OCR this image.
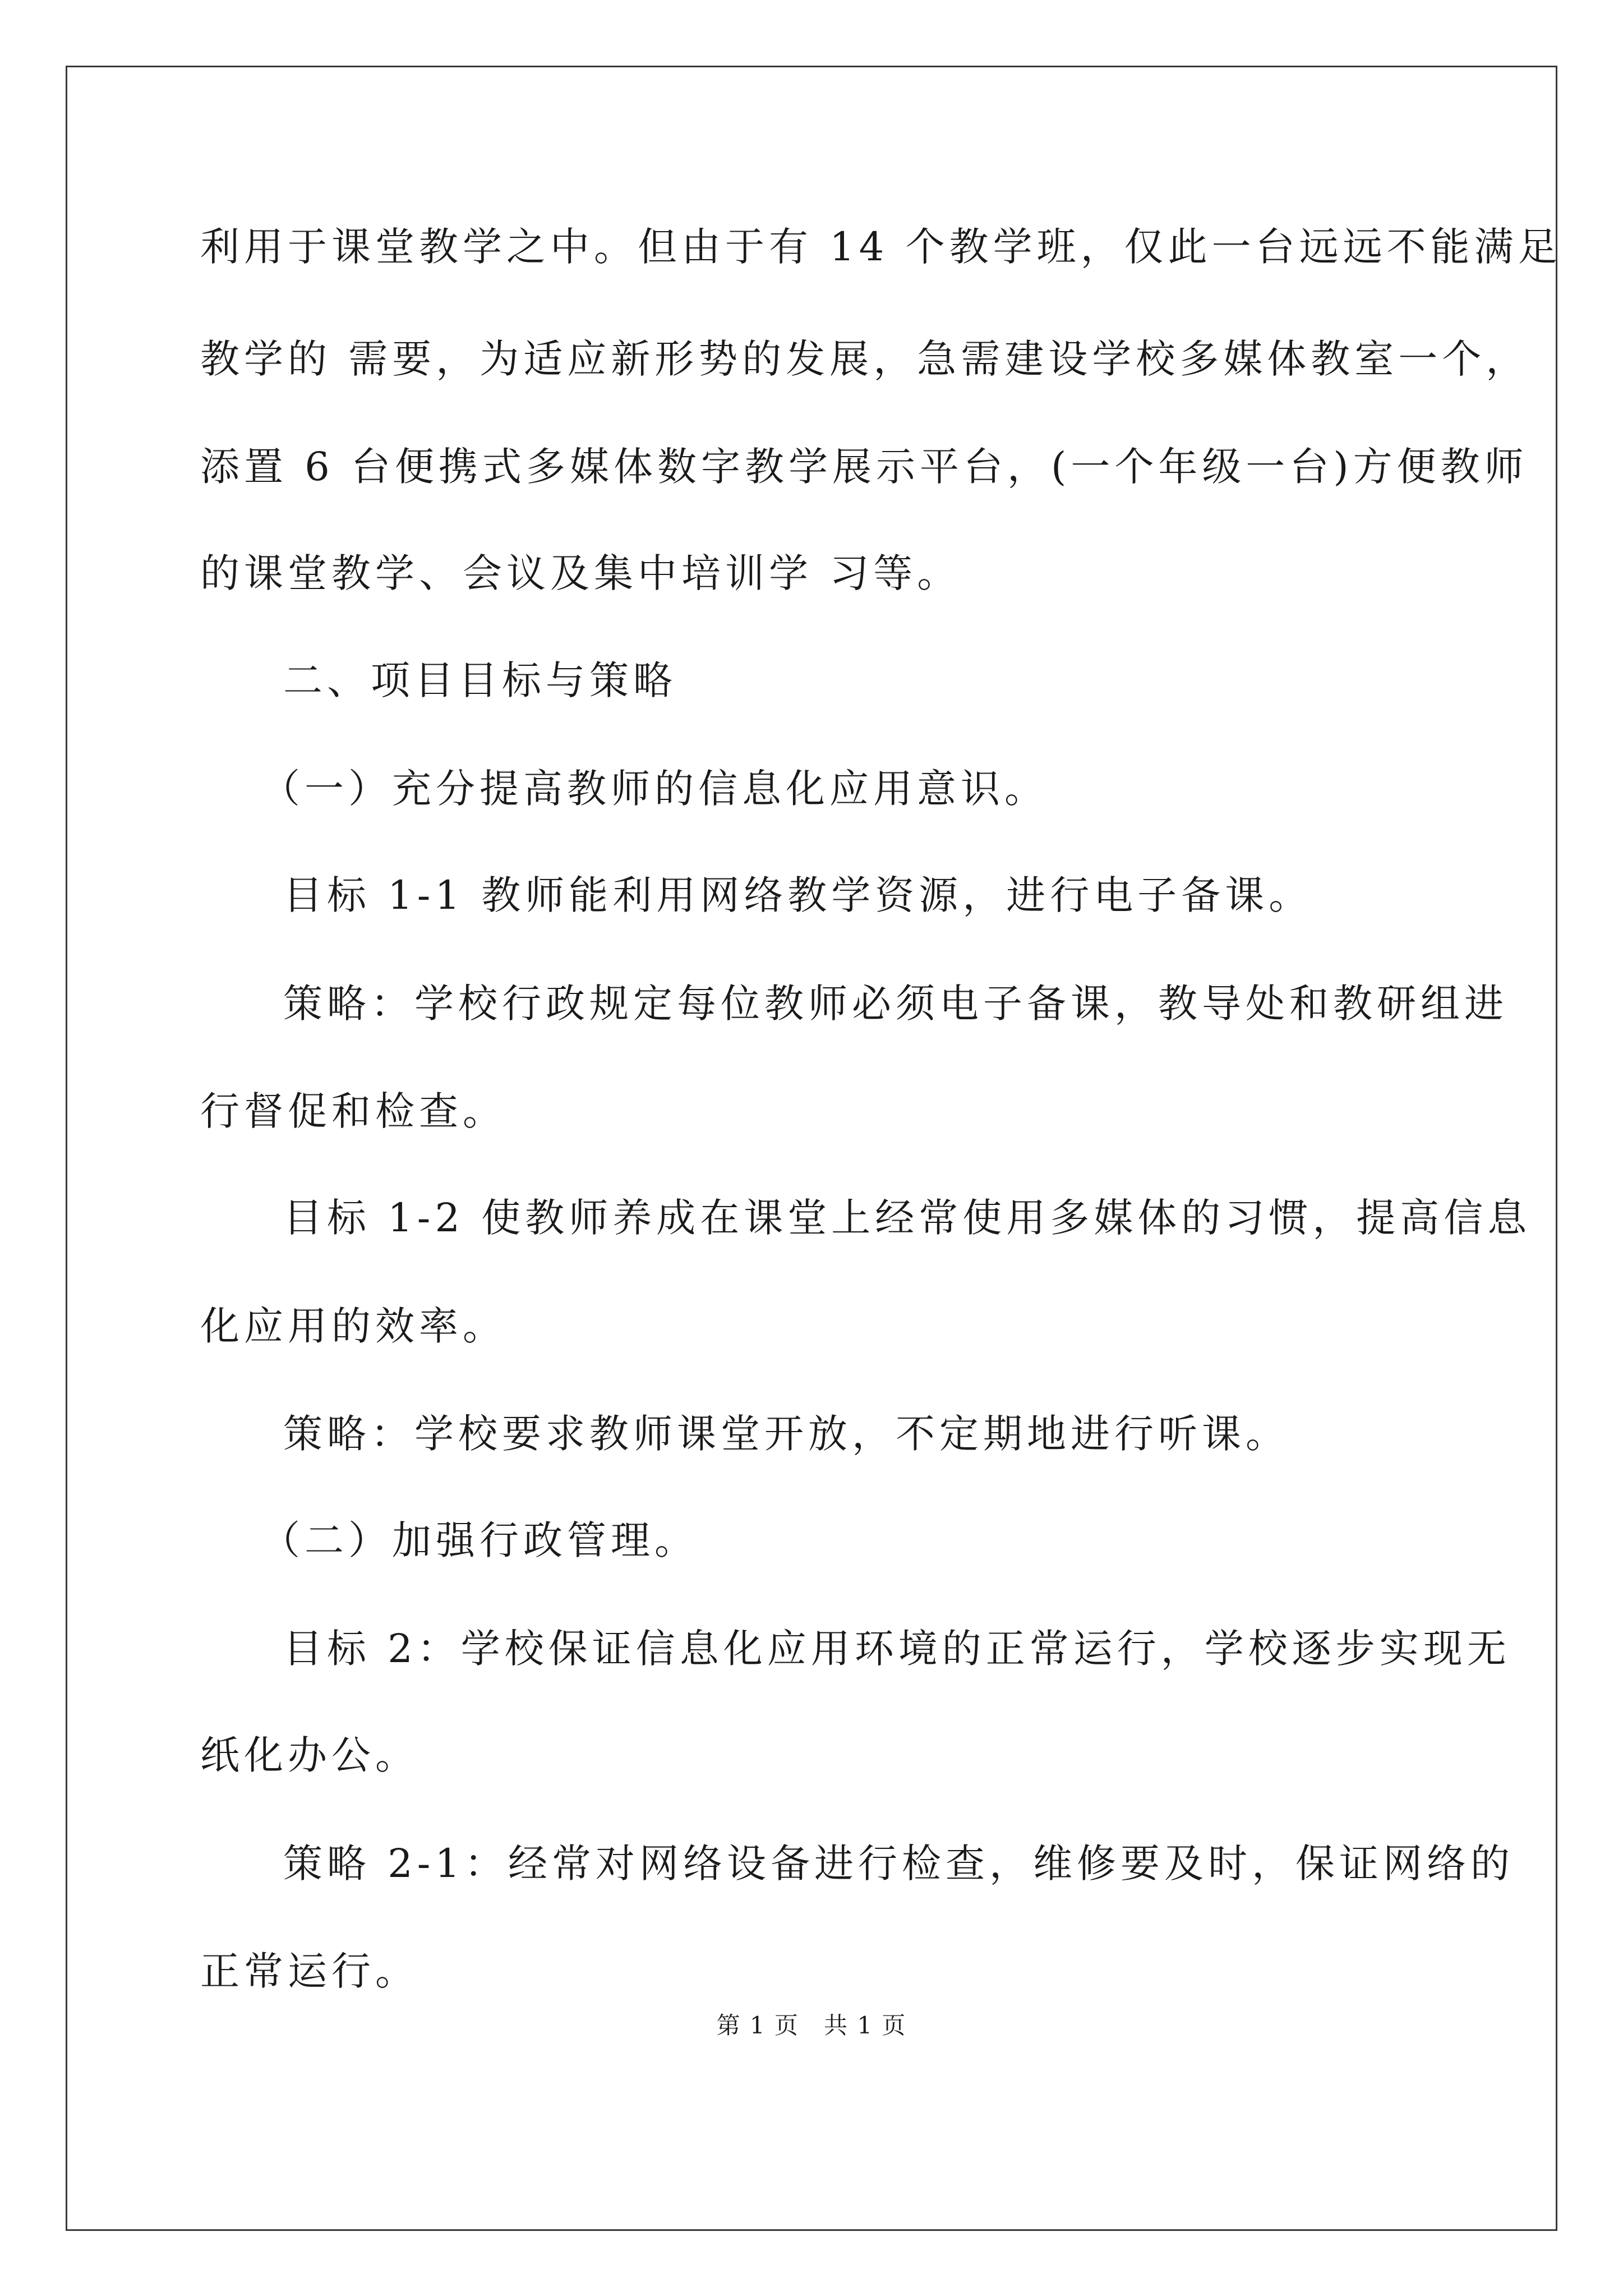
利用于课堂教学之中。但由于有 14 个教学班，仅此一台远远不能满足
教学的 需要，为适应新形势的发展，急需建设学校多媒体教室一个，
添置 6 台便携式多媒体数字教学展示平台，(一个年级一台)方便教师
的课堂教学、会议及集中培训学 习等。
二、项目目标与策略
（一）充分提高教师的信息化应用意识。
目标 1-1 教师能利用网络教学资源，进行电子备课。
策略：学校行政规定每位教师必须电子备课，教导处和教研组进
行督促和检查。
目标 1-2 使教师养成在课堂上经常使用多媒体的习惯，提高信息
化应用的效率。
策略：学校要求教师课堂开放，不定期地进行听课。
（二）加强行政管理。
目标 2：学校保证信息化应用环境的正常运行，学校逐步实现无
纸化办公。
策略 2-1：经常对网络设备进行检查，维修要及时，保证网络的
正常运行。
第 1 页　共 1 页
